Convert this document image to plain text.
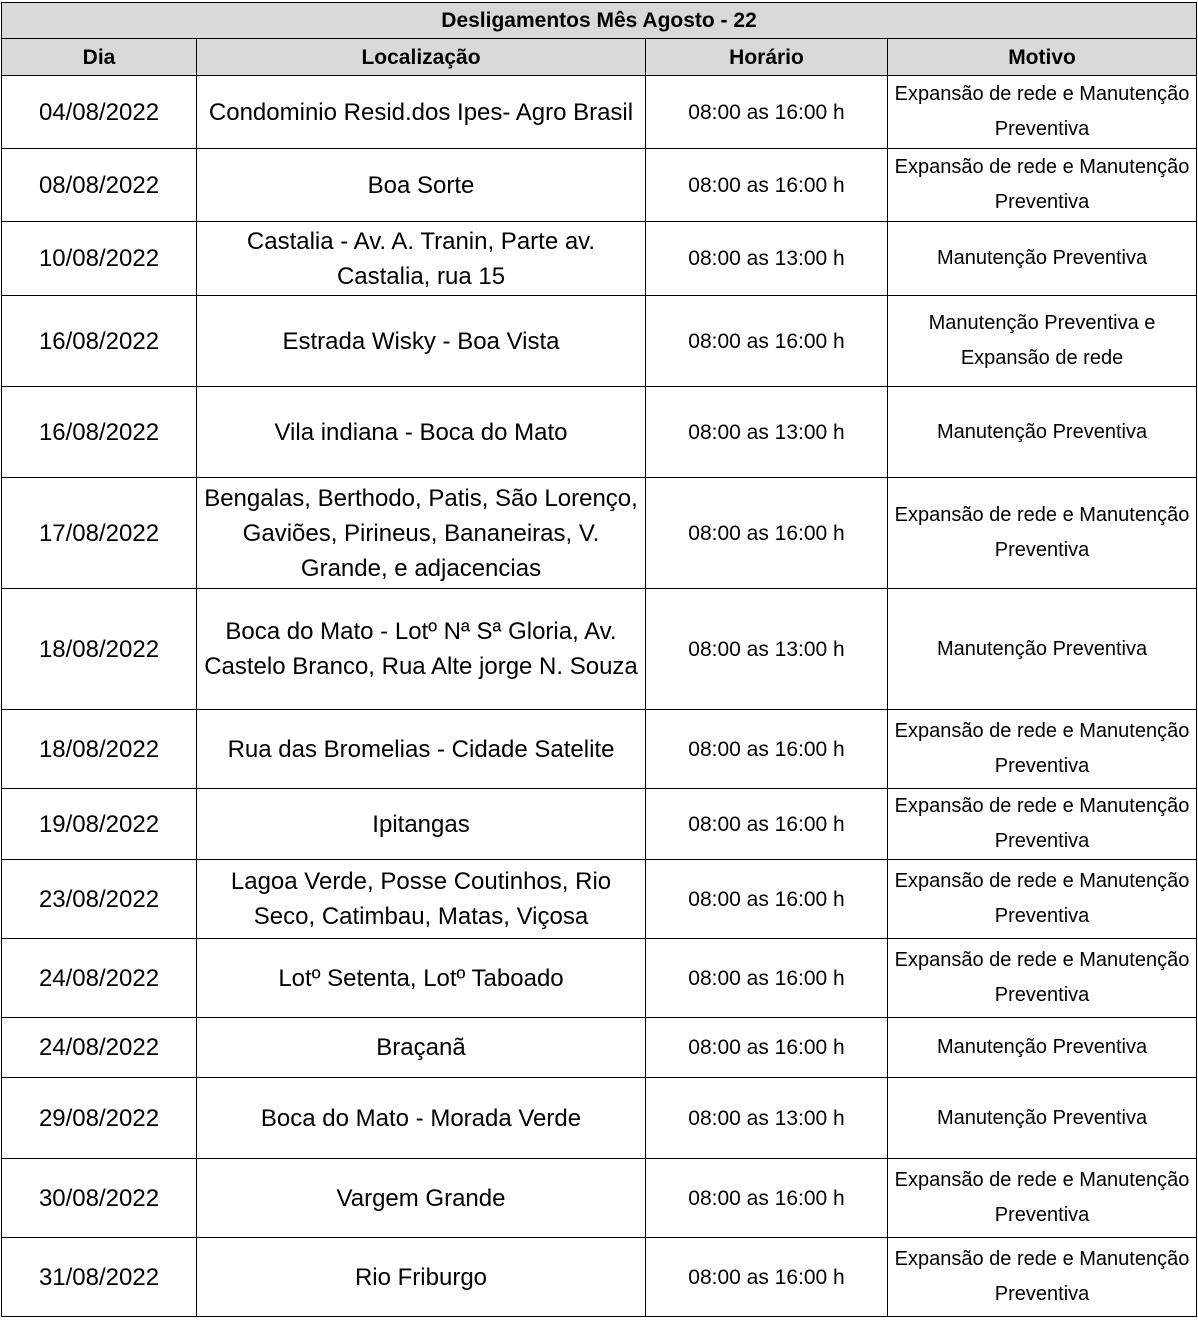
Desligamentos Mês Agosto - 22			
Dia	Localização	Horário	Motivo
04/08/2022	Condominio Resid.dos Ipes- Agro Brasil	08:00 as 16:00 h	Expansão de rede e Manutenção Preventiva
08/08/2022	Boa Sorte	08:00 as 16:00 h	Expansão de rede e Manutenção Preventiva
10/08/2022	Castalia - Av. A. Tranin, Parte av. Castalia, rua 15	08:00 as 13:00 h	Manutenção Preventiva
16/08/2022	Estrada Wisky - Boa Vista	08:00 as 16:00 h	Manutenção Preventiva e Expansão de rede
16/08/2022	Vila indiana - Boca do Mato	08:00 as 13:00 h	Manutenção Preventiva
17/08/2022	Bengalas, Berthodo, Patis, São Lorenço, Gaviões, Pirineus, Bananeiras, V. Grande, e adjacencias	08:00 as 16:00 h	Expansão de rede e Manutenção Preventiva
18/08/2022	Boca do Mato - Lotº Nª Sª Gloria, Av. Castelo Branco, Rua Alte jorge N. Souza	08:00 as 13:00 h	Manutenção Preventiva
18/08/2022	Rua das Bromelias - Cidade Satelite	08:00 as 16:00 h	Expansão de rede e Manutenção Preventiva
19/08/2022	Ipitangas	08:00 as 16:00 h	Expansão de rede e Manutenção Preventiva
23/08/2022	Lagoa Verde, Posse Coutinhos, Rio Seco, Catimbau, Matas, Viçosa	08:00 as 16:00 h	Expansão de rede e Manutenção Preventiva
24/08/2022	Lotº Setenta, Lotº Taboado	08:00 as 16:00 h	Expansão de rede e Manutenção Preventiva
24/08/2022	Braçanã	08:00 as 16:00 h	Manutenção Preventiva
29/08/2022	Boca do Mato - Morada Verde	08:00 as 13:00 h	Manutenção Preventiva
30/08/2022	Vargem Grande	08:00 as 16:00 h	Expansão de rede e Manutenção Preventiva
31/08/2022	Rio Friburgo	08:00 as 16:00 h	Expansão de rede e Manutenção Preventiva
